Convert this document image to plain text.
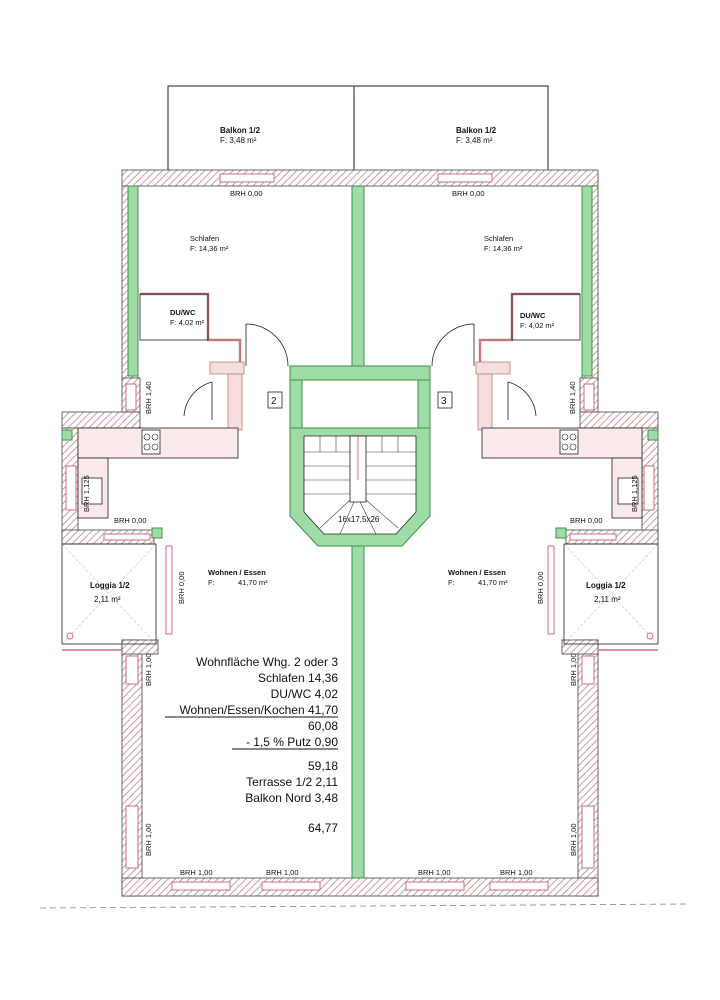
Balkon 1/2
F: 3,48 m²
Balkon 1/2
F: 3,48 m²
Schlafen
F: 14,36 m²
Schlafen
F: 14,36 m²
DU/WC
F: 4,02 m²
DU/WC
F: 4,02 m²
Wohnen / Essen
F:	41,70 m²
Wohnen / Essen
F:	41,70 m²
Loggia 1/2
2,11 m²
Loggia 1/2
2,11 m²
2	3
16x17,5x26
BRH 0,00	BRH 0,00
BRH 1,40	BRH 1,40
BRH 1,125	BRH 1,125
BRH 0,00	BRH 0,00
BRH 0,00	BRH 0,00
BRH 1,00	BRH 1,00
BRH 1,00	BRH 1,00
BRH 1,00	BRH 1,00	BRH 1,00	BRH 1,00
Wohnfläche Whg. 2 oder 3
Schlafen 14,36
DU/WC 4,02
Wohnen/Essen/Kochen 41,70
60,08
- 1,5 % Putz 0,90
59,18
Terrasse 1/2 2,11
Balkon Nord 3,48
64,77
